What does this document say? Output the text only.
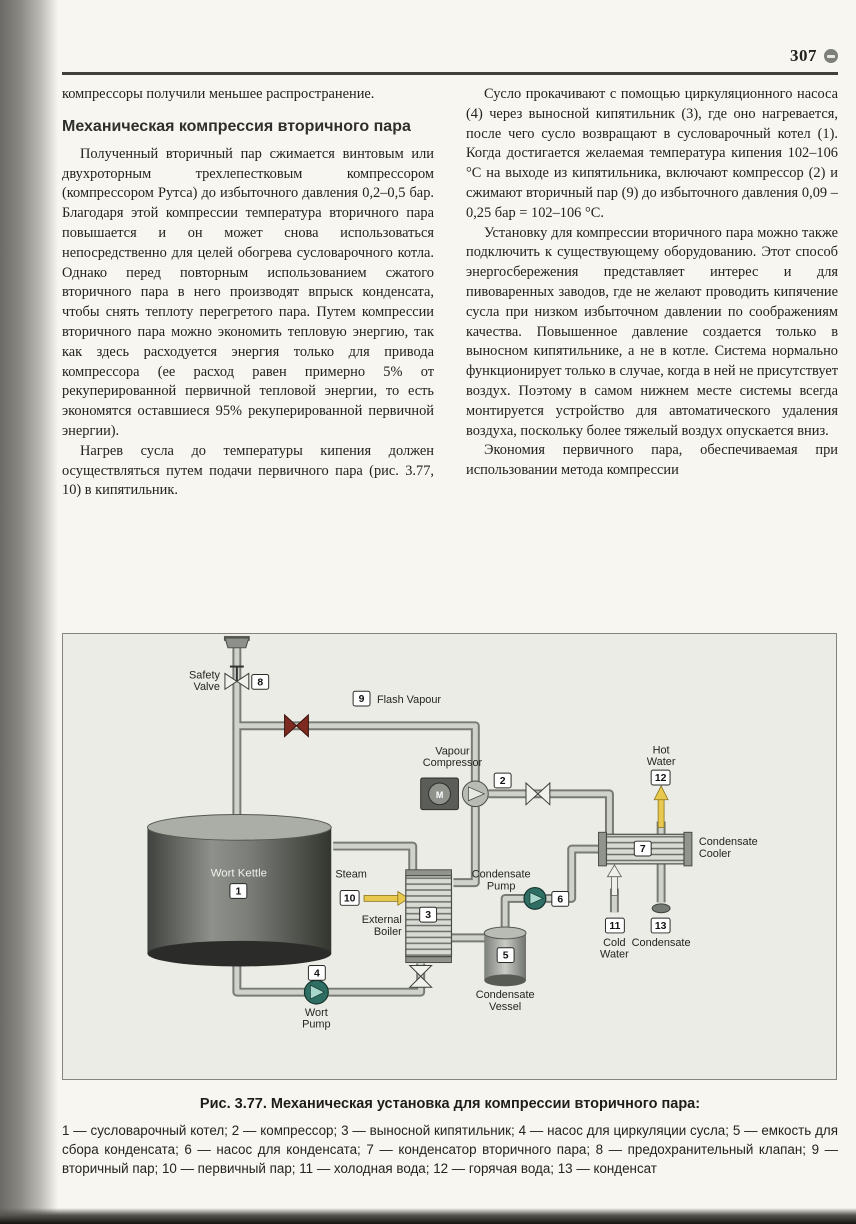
307

компрессоры получили меньшее распространение.

Механическая компрессия вторичного пара

Полученный вторичный пар сжимается винтовым или двухроторным трехлепестковым компрессором (компрессором Рутса) до избыточного давления 0,2–0,5 бар. Благодаря этой компрессии температура вторичного пара повышается и он может снова использоваться непосредственно для целей обогрева сусловарочного котла. Однако перед повторным использованием сжатого вторичного пара в него производят впрыск конденсата, чтобы снять теплоту перегретого пара. Путем компрессии вторичного пара можно экономить тепловую энергию, так как здесь расходуется энергия только для привода компрессора (ее расход равен примерно 5% от рекуперированной первичной тепловой энергии, то есть экономятся оставшиеся 95% рекуперированной первичной энергии).

Нагрев сусла до температуры кипения должен осуществляться путем подачи первичного пара (рис. 3.77, 10) в кипятильник.

Сусло прокачивают с помощью циркуляционного насоса (4) через выносной кипятильник (3), где оно нагревается, после чего сусло возвращают в сусловарочный котел (1). Когда достигается желаемая температура кипения 102–106 °C на выходе из кипятильника, включают компрессор (2) и сжимают вторичный пар (9) до избыточного давления 0,09 – 0,25 бар = 102–106 °C.

Установку для компрессии вторичного пара можно также подключить к существующему оборудованию. Этот способ энергосбережения представляет интерес и для пивоваренных заводов, где не желают проводить кипячение сусла при низком избыточном давлении по соображениям качества. Повышенное давление создается только в выносном кипятильнике, а не в котле. Система нормально функционирует только в случае, когда в ней не присутствует воздух. Поэтому в самом нижнем месте системы всегда монтируется устройство для автоматического удаления воздуха, поскольку более тяжелый воздух опускается вниз.

Экономия первичного пара, обеспечиваемая при использовании метода компрессии

Wort Kettle
Safety
Valve
Flash Vapour
M
Vapour
Compressor
Hot
Water
Condensate
Cooler
Cold
Water
Condensate
Steam
External
Boiler
Condensate
Vessel
Condensate
Pump
Wort
Pump
1
2
3
4
5
6
7
8
9
10
11
12
13

Рис. 3.77. Механическая установка для компрессии вторичного пара:

1 — сусловарочный котел; 2 — компрессор; 3 — выносной кипятильник; 4 — насос для циркуляции сусла; 5 — емкость для сбора конденсата; 6 — насос для конденсата; 7 — конденсатор вторичного пара; 8 — предохранительный клапан; 9 — вторичный пар; 10 — первичный пар; 11 — холодная вода; 12 — горячая вода; 13 — конденсат
